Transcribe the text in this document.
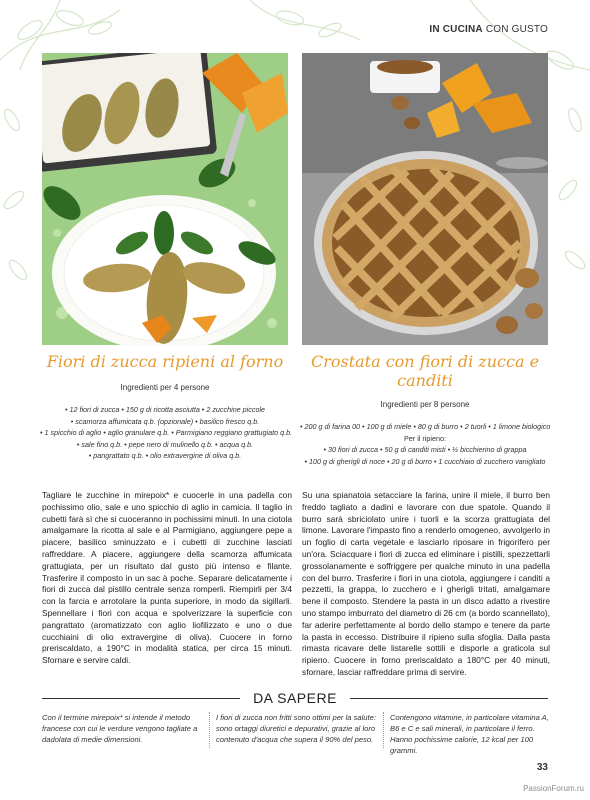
IN CUCINA CON GUSTO
Fiori di zucca ripieni al forno
Ingredienti per 4 persone
• 12 fiori di zucca • 150 g di ricotta asciutta • 2 zucchine piccole
• scamorza affumicata q.b. (opzionale) • basilico fresco q.b.
• 1 spicchio di aglio • aglio granulare q.b. • Parmigiano reggiano grattugiato q.b.
• sale fino q.b. • pepe nero di mulinello q.b. • acqua q.b.
• pangrattato q.b. • olio extravergine di oliva q.b.
Crostata con fiori di zucca e canditi
Ingredienti per 8 persone
• 200 g di farina 00 • 100 g di miele • 80 g di burro • 2 tuorli • 1 limone biologico
Per il ripieno:
• 30 fiori di zucca • 50 g di canditi misti • ½ bicchierino di grappa
• 100 g di gherigli di noce • 20 g di burro • 1 cucchiaio di zucchero vanigliato

Tagliare le zucchine in mirepoix* e cuocerle in una padella con pochissimo olio, sale e uno spicchio di aglio in camicia. Il taglio in cubetti farà sì che si cuoceranno in pochissimi minuti. In una ciotola amalgamare la ricotta al sale e al Parmigiano, aggiungere pepe a piacere, basilico sminuzzato e i cubetti di zucchine lasciati raffreddare. A piacere, aggiungere della scamorza affumicata grattugiata, per un risultato dal gusto più intenso e filante. Trasferire il composto in un sac à poche. Separare delicatamente i fiori di zucca dal pistillo centrale senza romperli. Riempirli per 3/4 con la farcia e arrotolare la punta superiore, in modo da sigillarli. Spennellare i fiori con acqua e spolverizzare la superficie con pangrattato (aromatizzato con aglio liofilizzato e uno o due cucchiaini di olio extravergine di oliva). Cuocere in forno preriscaldato, a 190°C in modalità statica, per circa 15 minuti. Sfornare e servire caldi.

Su una spianatoia setacciare la farina, unire il miele, il burro ben freddo tagliato a dadini e lavorare con due spatole. Quando il burro sarà sbriciolato unire i tuorli e la scorza grattugiata del limone. Lavorare l'impasto fino a renderlo omogeneo, avvolgerlo in un foglio di carta vegetale e lasciarlo riposare in frigorifero per un'ora. Sciacquare i fiori di zucca ed eliminare i pistilli, spezzettarli grossolanamente e soffriggere per qualche minuto in una padella con del burro. Trasferire i fiori in una ciotola, aggiungere i canditi a pezzetti, la grappa, lo zucchero e i gherigli tritati, amalgamare bene il composto. Stendere la pasta in un disco adatto a rivestire uno stampo imburrato del diametro di 26 cm (a bordo scannellato), far aderire perfettamente al bordo dello stampo e tenere da parte la pasta in eccesso. Distribuire il ripieno sulla sfoglia. Dalla pasta rimasta ricavare delle listarelle sottili e disporle a graticola sul ripieno. Cuocere in forno preriscaldato a 180°C per 40 minuti, sfornare, lasciar raffreddare prima di servire.

DA SAPERE

Con il termine mirepoix* si intende il metodo francese con cui le verdure vengono tagliate a dadolata di medie dimensioni.

I fiori di zucca non fritti sono ottimi per la salute: sono ortaggi diuretici e depurativi, grazie al loro contenuto d'acqua che supera il 90% del peso.

Contengono vitamine, in particolare vitamina A, B6 e C e sali minerali, in particolare il ferro. Hanno pochissime calorie, 12 kcal per 100 grammi.

33
PassionForum.ru
